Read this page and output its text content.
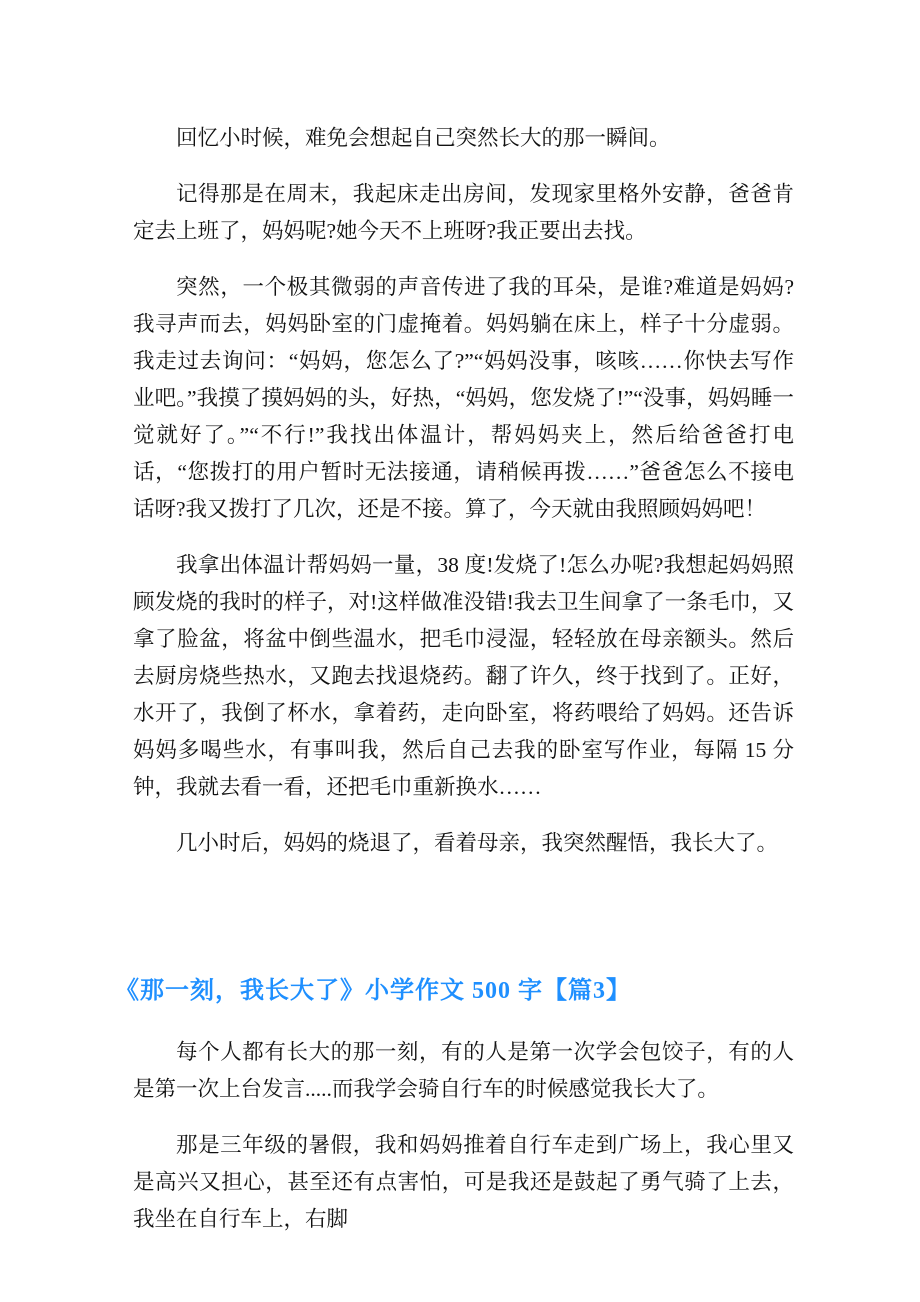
回忆小时候，难免会想起自己突然长大的那一瞬间。

记得那是在周末，我起床走出房间，发现家里格外安静，爸爸肯定去上班了，妈妈呢?她今天不上班呀?我正要出去找。

突然，一个极其微弱的声音传进了我的耳朵，是谁?难道是妈妈?我寻声而去，妈妈卧室的门虚掩着。妈妈躺在床上，样子十分虚弱。我走过去询问：“妈妈，您怎么了?”“妈妈没事，咳咳……你快去写作业吧。”我摸了摸妈妈的头，好热，“妈妈，您发烧了!”“没事，妈妈睡一觉就好了。”“不行!”我找出体温计，帮妈妈夹上，然后给爸爸打电话，“您拨打的用户暂时无法接通，请稍候再拨……”爸爸怎么不接电话呀?我又拨打了几次，还是不接。算了，今天就由我照顾妈妈吧！

我拿出体温计帮妈妈一量，38 度!发烧了!怎么办呢?我想起妈妈照顾发烧的我时的样子，对!这样做准没错!我去卫生间拿了一条毛巾，又拿了脸盆，将盆中倒些温水，把毛巾浸湿，轻轻放在母亲额头。然后去厨房烧些热水，又跑去找退烧药。翻了许久，终于找到了。正好，水开了，我倒了杯水，拿着药，走向卧室，将药喂给了妈妈。还告诉妈妈多喝些水，有事叫我，然后自己去我的卧室写作业，每隔 15 分钟，我就去看一看，还把毛巾重新换水……

几小时后，妈妈的烧退了，看着母亲，我突然醒悟，我长大了。

《那一刻，我长大了》小学作文 500 字【篇3】

每个人都有长大的那一刻，有的人是第一次学会包饺子，有的人是第一次上台发言.....而我学会骑自行车的时候感觉我长大了。

那是三年级的暑假，我和妈妈推着自行车走到广场上，我心里又是高兴又担心，甚至还有点害怕，可是我还是鼓起了勇气骑了上去，我坐在自行车上，右脚
